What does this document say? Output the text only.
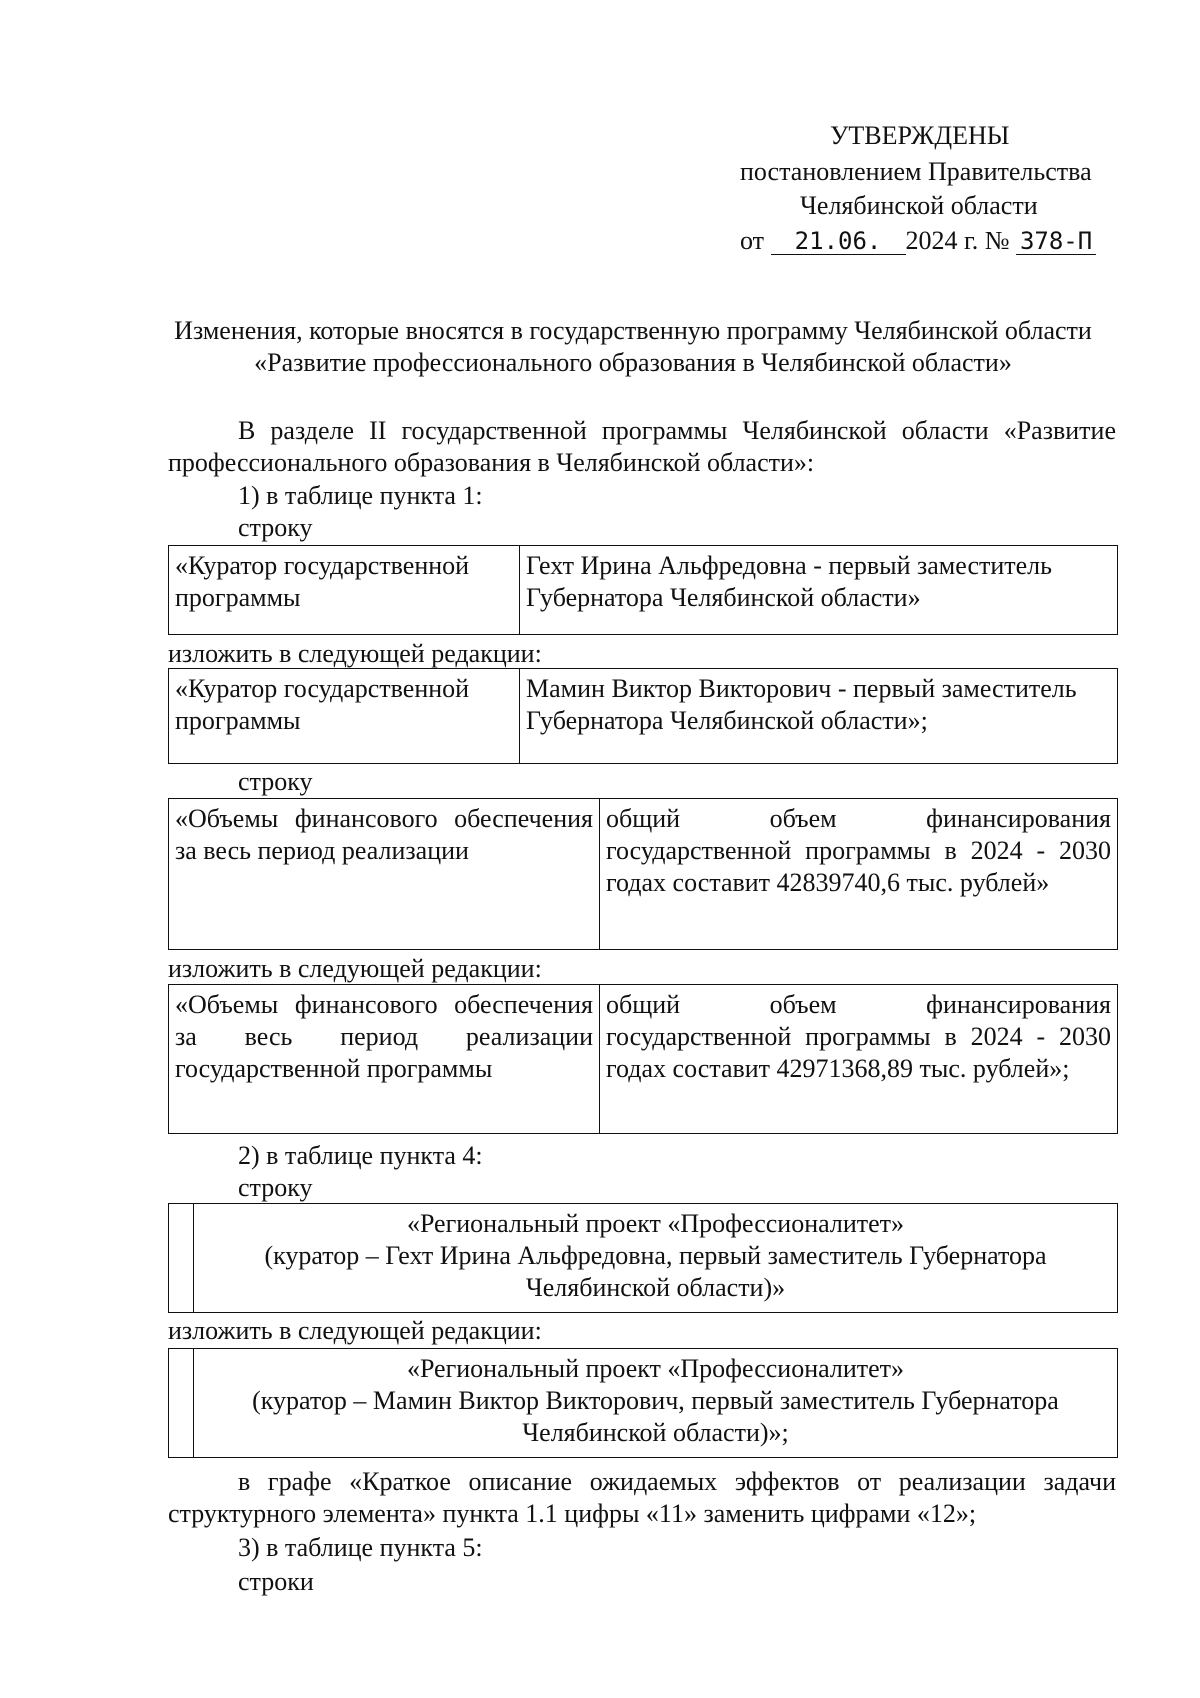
УТВЕРЖДЕНЫ
постановлением Правительства
Челябинской области
от 21.06. 2024 г. № 378-П
Изменения, которые вносятся в государственную программу Челябинской области «Развитие профессионального образования в Челябинской области»
В разделе II государственной программы Челябинской области «Развитие профессионального образования в Челябинской области»:
1) в таблице пункта 1:
строку
«Куратор государственной программы	Гехт Ирина Альфредовна - первый заместитель Губернатора Челябинской области»
изложить в следующей редакции:
«Куратор государственной программы	Мамин Виктор Викторович - первый заместитель Губернатора Челябинской области»;
строку
«Объемы финансового обеспечения за весь период реализации	общий объем финансирования государственной программы в 2024 - 2030 годах составит 42839740,6 тыс. рублей»
изложить в следующей редакции:
«Объемы финансового обеспечения за весь период реализации государственной программы	общий объем финансирования государственной программы в 2024 - 2030 годах составит 42971368,89 тыс. рублей»;
2) в таблице пункта 4:
строку

«Региональный проект «Профессионалитет»
(куратор – Гехт Ирина Альфредовна, первый заместитель Губернатора
Челябинской области)»
изложить в следующей редакции:

«Региональный проект «Профессионалитет»
(куратор – Мамин Виктор Викторович, первый заместитель Губернатора
Челябинской области)»;
в графе «Краткое описание ожидаемых эффектов от реализации задачи структурного элемента» пункта 1.1 цифры «11» заменить цифрами «12»;
3) в таблице пункта 5:
строки
